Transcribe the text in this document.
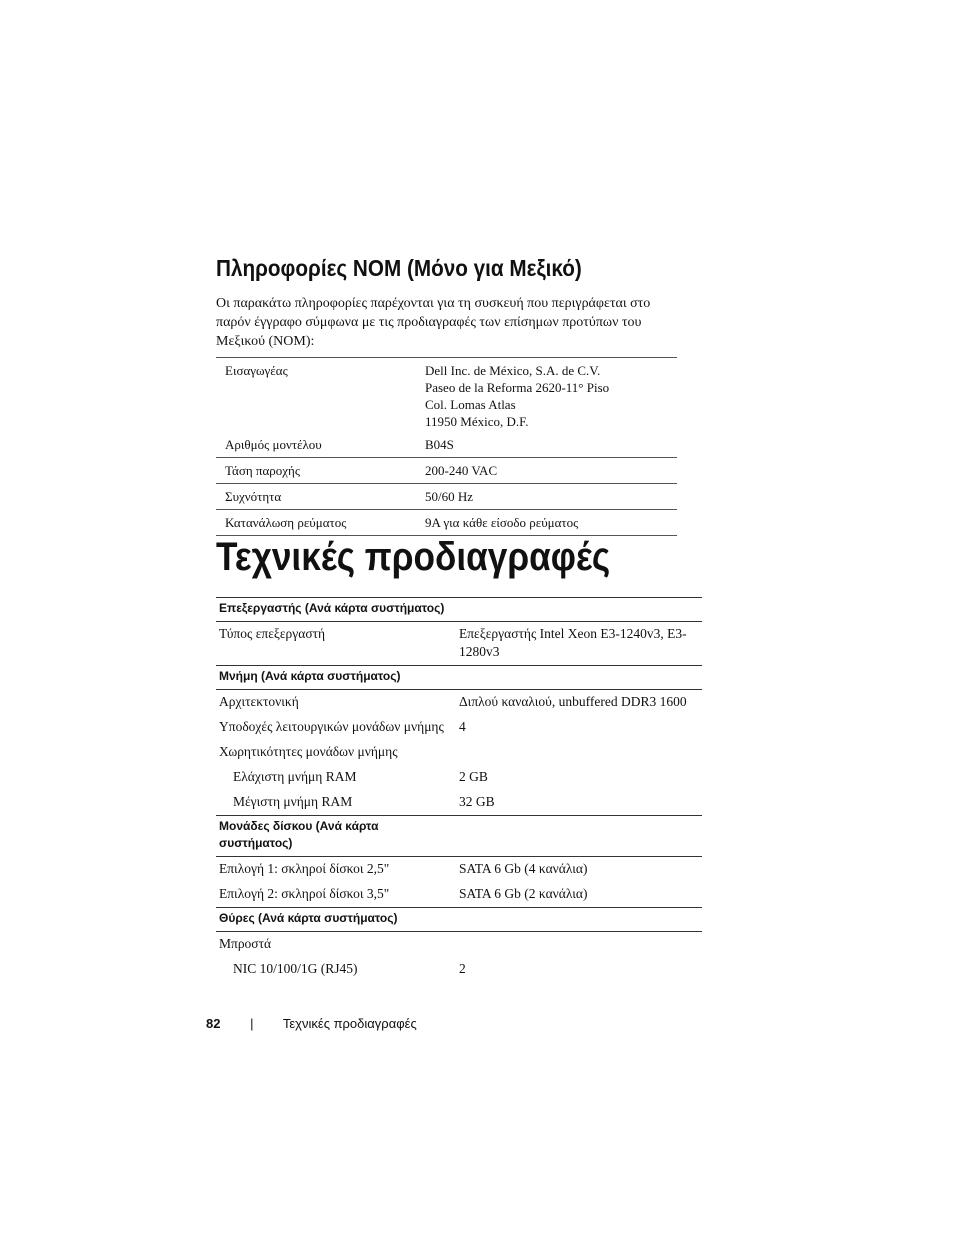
Πληροφορίες NOM (Μόνο για Μεξικό)
Οι παρακάτω πληροφορίες παρέχονται για τη συσκευή που περιγράφεται στο
παρόν έγγραφο σύμφωνα με τις προδιαγραφές των επίσημων προτύπων του
Μεξικού (NOM):
Εισαγωγέας	Dell Inc. de México, S.A. de C.V.
Paseo de la Reforma 2620-11° Piso
Col. Lomas Atlas
11950 México, D.F.
Αριθμός μοντέλου	B04S
Τάση παροχής	200-240 VAC
Συχνότητα	50/60 Hz
Κατανάλωση ρεύματος	9A για κάθε είσοδο ρεύματος
Τεχνικές προδιαγραφές
Επεξεργαστής (Ανά κάρτα συστήματος)
Τύπος επεξεργαστή	Επεξεργαστής Intel Xeon E3-1240v3, E3-
1280v3
Μνήμη (Ανά κάρτα συστήματος)
Αρχιτεκτονική	Διπλού καναλιού, unbuffered DDR3 1600
Υποδοχές λειτουργικών μονάδων μνήμης	4
Χωρητικότητες μονάδων μνήμης
Ελάχιστη μνήμη RAM	2 GB
Μέγιστη μνήμη RAM	32 GB
Μονάδες δίσκου (Ανά κάρτα
συστήματος)
Επιλογή 1: σκληροί δίσκοι 2,5"	SATA 6 Gb (4 κανάλια)
Επιλογή 2: σκληροί δίσκοι 3,5"	SATA 6 Gb (2 κανάλια)
Θύρες (Ανά κάρτα συστήματος)
Μπροστά
NIC 10/100/1G (RJ45)	2
82 | Τεχνικές προδιαγραφές
